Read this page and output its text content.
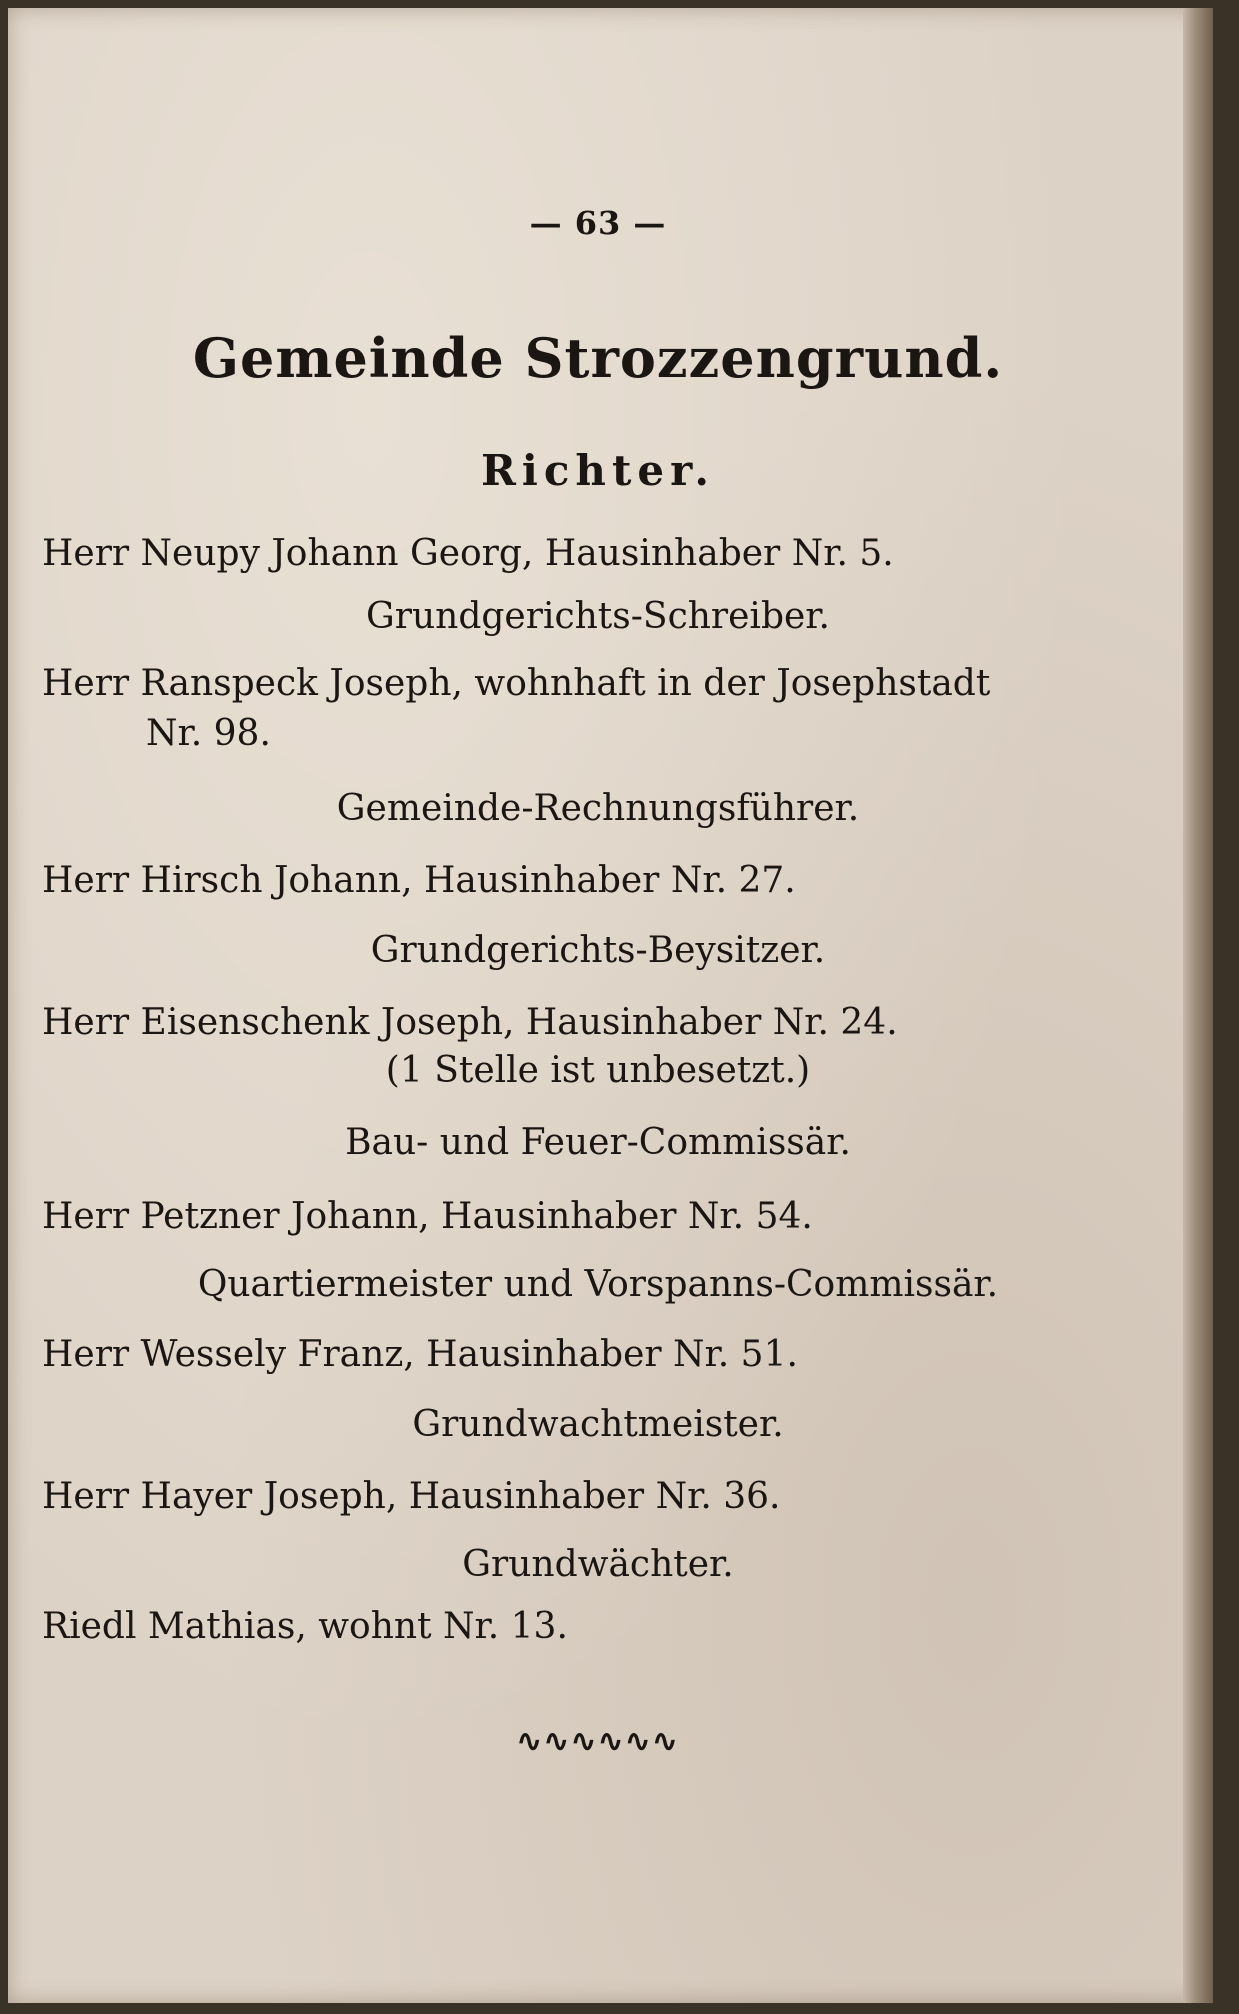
— 63 —
Gemeinde Strozzengrund.
Richter.
Herr Neupy Johann Georg, Hausinhaber Nr. 5.
Grundgerichts-Schreiber.
Herr Ranspeck Joseph, wohnhaft in der Josephstadt
Nr. 98.
Gemeinde-Rechnungsführer.
Herr Hirsch Johann, Hausinhaber Nr. 27.
Grundgerichts-Beysitzer.
Herr Eisenschenk Joseph, Hausinhaber Nr. 24.
(1 Stelle ist unbesetzt.)
Bau- und Feuer-Commissär.
Herr Petzner Johann, Hausinhaber Nr. 54.
Quartiermeister und Vorspanns-Commissär.
Herr Wessely Franz, Hausinhaber Nr. 51.
Grundwachtmeister.
Herr Hayer Joseph, Hausinhaber Nr. 36.
Grundwächter.
Riedl Mathias, wohnt Nr. 13.
∿∿∿∿∿∿
